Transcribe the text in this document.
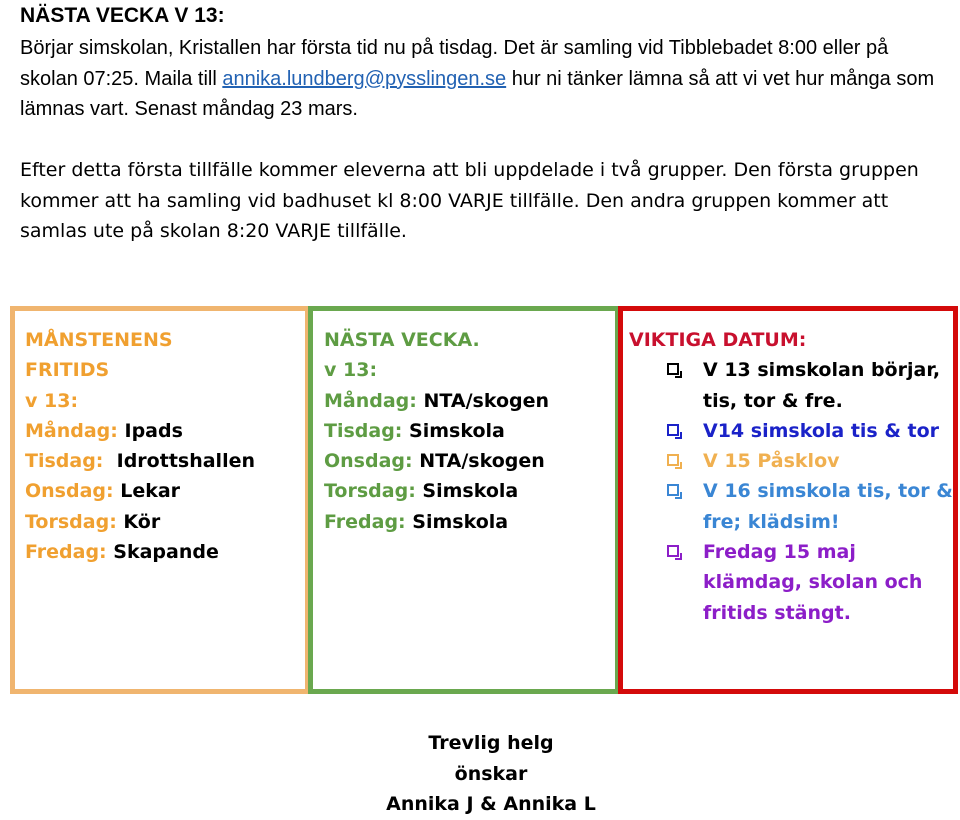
NÄSTA VECKA V 13:
Börjar simskolan, Kristallen har första tid nu på tisdag. Det är samling vid Tibblebadet 8:00 eller på skolan 07:25. Maila till annika.lundberg@pysslingen.se hur ni tänker lämna så att vi vet hur många som lämnas vart. Senast måndag 23 mars.
Efter detta första tillfälle kommer eleverna att bli uppdelade i två grupper. Den första gruppen kommer att ha samling vid badhuset kl 8:00 VARJE tillfälle. Den andra gruppen kommer att samlas ute på skolan 8:20 VARJE tillfälle.
MÅNSTENENS
FRITIDS
v 13:
Måndag: Ipads
Tisdag: Idrottshallen
Onsdag: Lekar
Torsdag: Kör
Fredag: Skapande
NÄSTA VECKA.
v 13:
Måndag: NTA/skogen
Tisdag: Simskola
Onsdag: NTA/skogen
Torsdag: Simskola
Fredag: Simskola
VIKTIGA DATUM:
V 13 simskolan börjar, tis, tor & fre.
V14 simskola tis & tor
V 15 Påsklov
V 16 simskola tis, tor & fre; klädsim!
Fredag 15 maj klämdag, skolan och fritids stängt.
Trevlig helg
önskar
Annika J & Annika L
